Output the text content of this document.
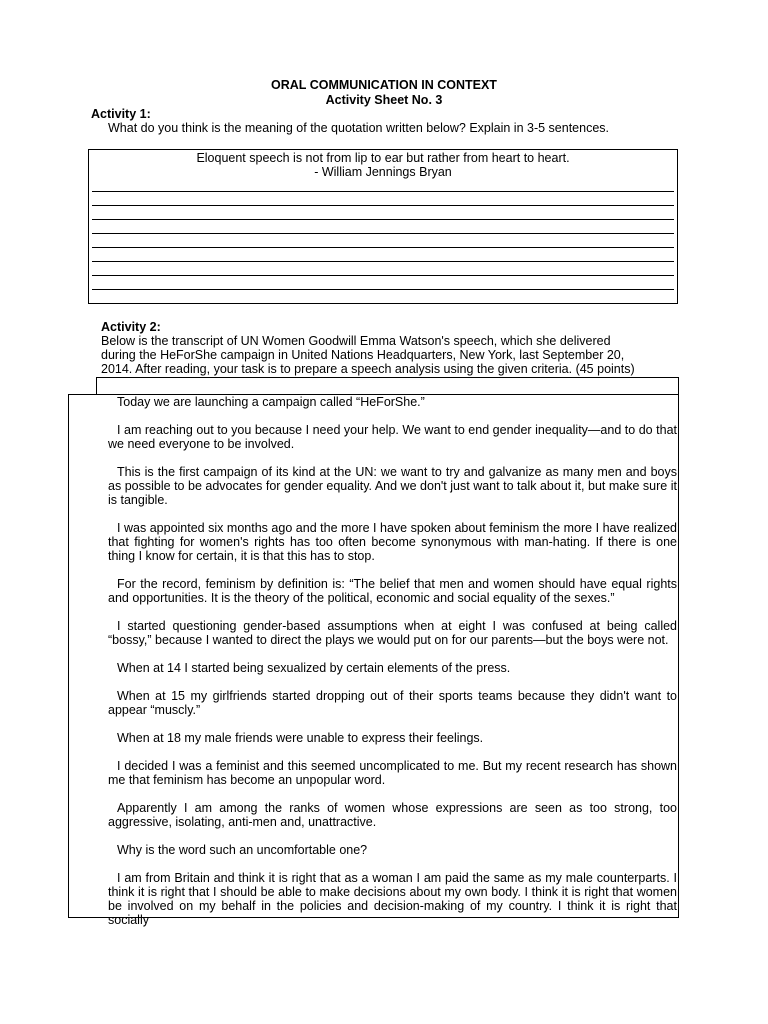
ORAL COMMUNICATION IN CONTEXT
Activity Sheet No. 3
Activity 1:
What do you think is the meaning of the quotation written below? Explain in 3-5 sentences.
Eloquent speech is not from lip to ear but rather from heart to heart.
- William Jennings Bryan
Activity 2:
Below is the transcript of UN Women Goodwill Emma Watson's speech, which she delivered
during the HeForShe campaign in United Nations Headquarters, New York, last September 20,
2014. After reading, your task is to prepare a speech analysis using the given criteria. (45 points)

Today we are launching a campaign called “HeForShe.”

I am reaching out to you because I need your help. We want to end gender inequality—and to do that we need everyone to be involved.

This is the first campaign of its kind at the UN: we want to try and galvanize as many men and boys as possible to be advocates for gender equality. And we don't just want to talk about it, but make sure it is tangible.

I was appointed six months ago and the more I have spoken about feminism the more I have realized that fighting for women's rights has too often become synonymous with man-hating. If there is one thing I know for certain, it is that this has to stop.

For the record, feminism by definition is: “The belief that men and women should have equal rights and opportunities. It is the theory of the political, economic and social equality of the sexes.”

I started questioning gender-based assumptions when at eight I was confused at being called “bossy,” because I wanted to direct the plays we would put on for our parents—but the boys were not.

When at 14 I started being sexualized by certain elements of the press.

When at 15 my girlfriends started dropping out of their sports teams because they didn't want to appear “muscly.”

When at 18 my male friends were unable to express their feelings.

I decided I was a feminist and this seemed uncomplicated to me. But my recent research has shown me that feminism has become an unpopular word.

Apparently I am among the ranks of women whose expressions are seen as too strong, too aggressive, isolating, anti-men and, unattractive.

Why is the word such an uncomfortable one?

I am from Britain and think it is right that as a woman I am paid the same as my male counterparts. I think it is right that I should be able to make decisions about my own body. I think it is right that women be involved on my behalf in the policies and decision-making of my country. I think it is right that socially
